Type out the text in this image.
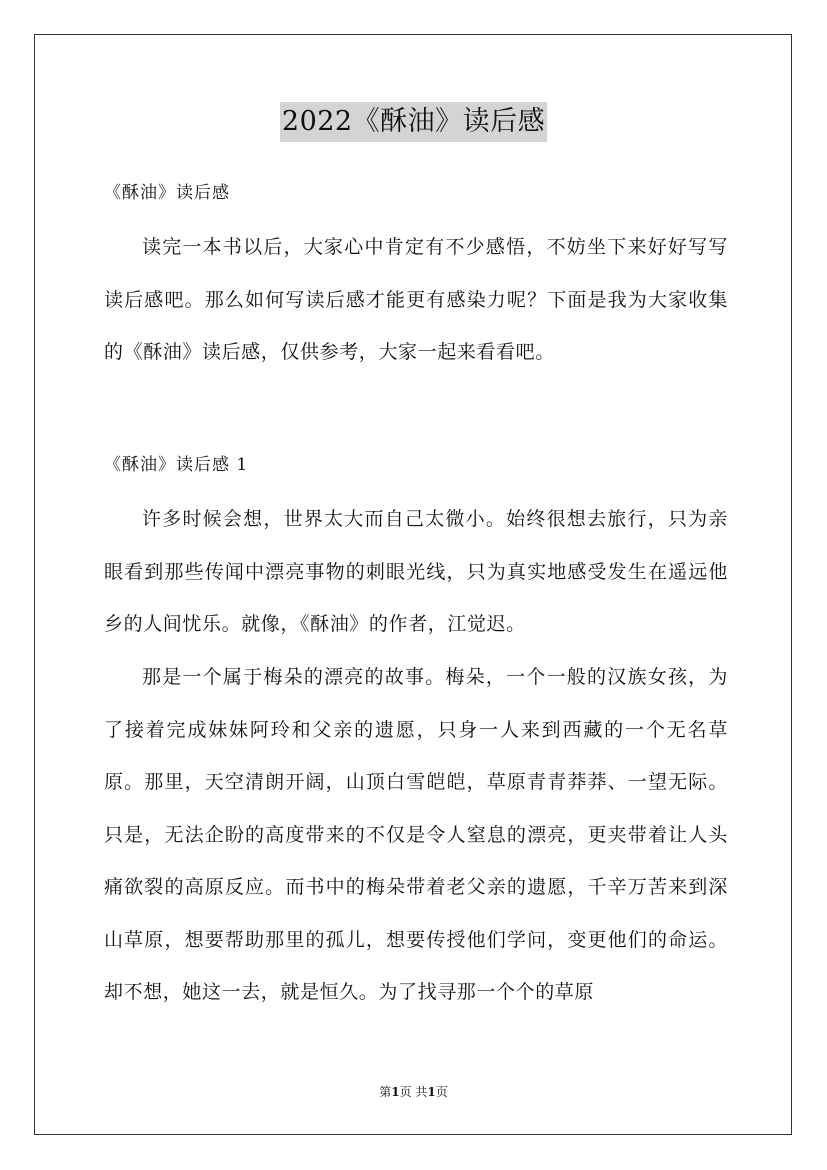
2022《酥油》读后感
《酥油》读后感

读完一本书以后，大家心中肯定有不少感悟，不妨坐下来好好写写读后感吧。那么如何写读后感才能更有感染力呢？下面是我为大家收集的《酥油》读后感，仅供参考，大家一起来看看吧。

《酥油》读后感 1

许多时候会想，世界太大而自己太微小。始终很想去旅行，只为亲眼看到那些传闻中漂亮事物的刺眼光线，只为真实地感受发生在遥远他乡的人间忧乐。就像，《酥油》的作者，江觉迟。

那是一个属于梅朵的漂亮的故事。梅朵，一个一般的汉族女孩，为了接着完成妹妹阿玲和父亲的遗愿，只身一人来到西藏的一个无名草原。那里，天空清朗开阔，山顶白雪皑皑，草原青青莽莽、一望无际。只是，无法企盼的高度带来的不仅是令人窒息的漂亮，更夹带着让人头痛欲裂的高原反应。而书中的梅朵带着老父亲的遗愿，千辛万苦来到深山草原，想要帮助那里的孤儿，想要传授他们学问，变更他们的命运。却不想，她这一去，就是恒久。为了找寻那一个个的草原

第1页 共1页
